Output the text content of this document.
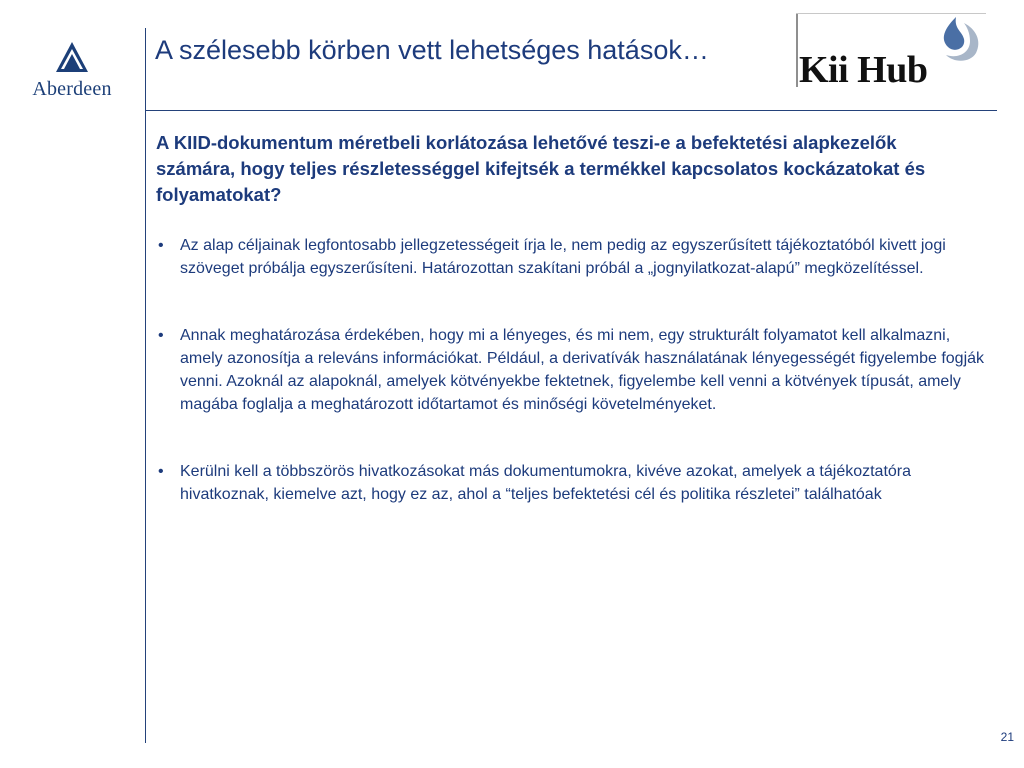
Aberdeen
A szélesebb körben vett lehetséges hatások…	Kii Hub

A KIID-dokumentum méretbeli korlátozása lehetővé teszi-e a befektetési alapkezelők számára, hogy teljes részletességgel kifejtsék a termékkel kapcsolatos kockázatokat és folyamatokat?

• Az alap céljainak legfontosabb jellegzetességeit írja le, nem pedig az egyszerűsített tájékoztatóból kivett jogi szöveget próbálja egyszerűsíteni. Határozottan szakítani próbál a „jognyilatkozat-alapú” megközelítéssel.
• Annak meghatározása érdekében, hogy mi a lényeges, és mi nem, egy strukturált folyamatot kell alkalmazni, amely azonosítja a releváns információkat. Például, a derivatívák használatának lényegességét figyelembe fogják venni. Azoknál az alapoknál, amelyek kötvényekbe fektetnek, figyelembe kell venni a kötvények típusát, amely magába foglalja a meghatározott időtartamot és minőségi követelményeket.
• Kerülni kell a többszörös hivatkozásokat más dokumentumokra, kivéve azokat, amelyek a tájékoztatóra hivatkoznak, kiemelve azt, hogy ez az, ahol a “teljes befektetési cél és politika részletei” találhatóak
21
